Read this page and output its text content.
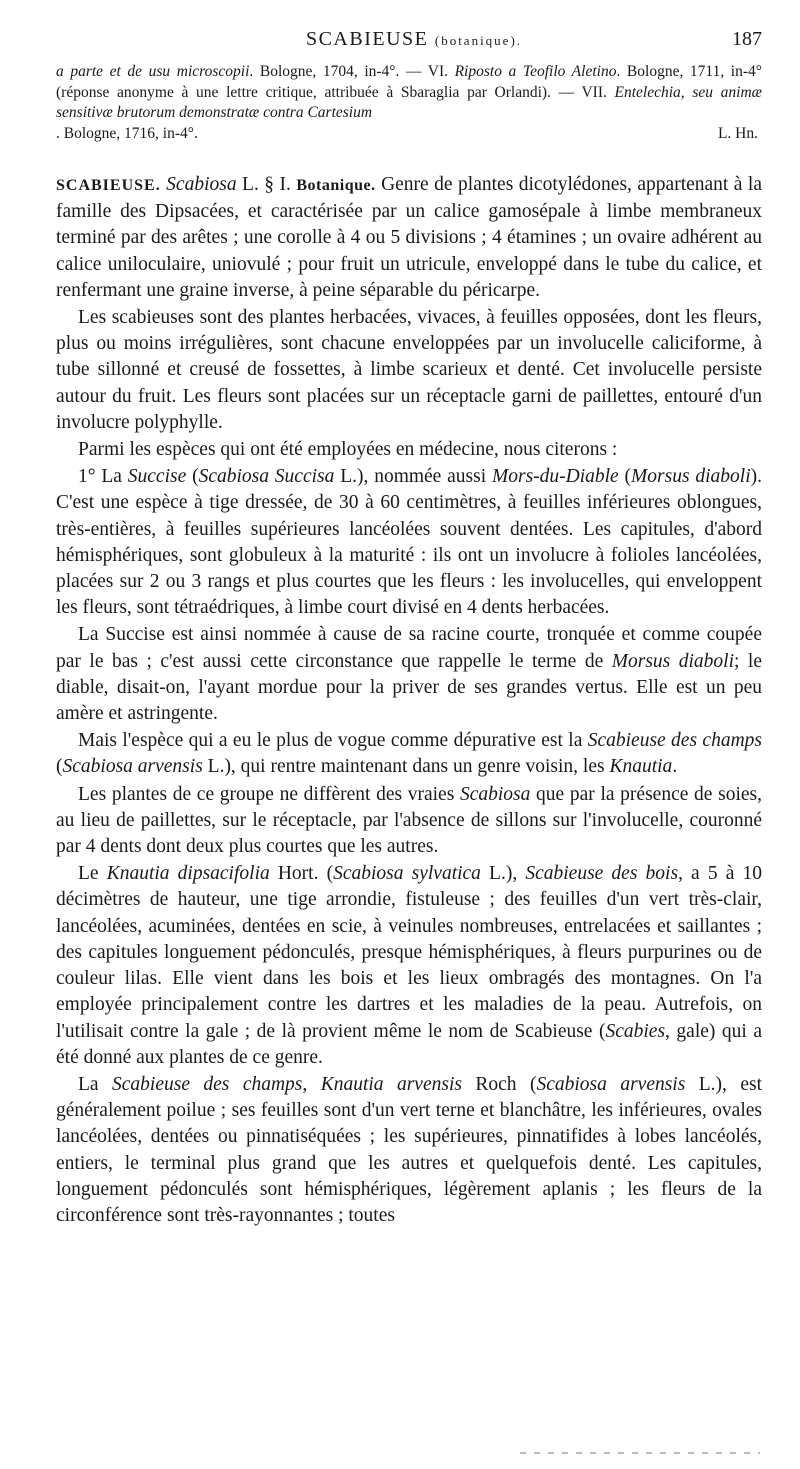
SCABIEUSE (botanique).	187
a parte et de usu microscopii. Bologne, 1704, in-4°. — VI. Riposto a Teofilo Aletino. Bologne, 1711, in-4° (réponse anonyme à une lettre critique, attribuée à Sbaraglia par Orlandi). — VII. Entelechia, seu animæ sensitivæ brutorum demonstratæ contra Cartesium
. Bologne, 1716, in-4°.	L. Hn.

SCABIEUSE. Scabiosa L. § I. Botanique. Genre de plantes dicotylédones, appartenant à la famille des Dipsacées, et caractérisée par un calice gamosépale à limbe membraneux terminé par des arêtes ; une corolle à 4 ou 5 divisions ; 4 étamines ; un ovaire adhérent au calice uniloculaire, uniovulé ; pour fruit un utricule, enveloppé dans le tube du calice, et renfermant une graine inverse, à peine séparable du péricarpe.

Les scabieuses sont des plantes herbacées, vivaces, à feuilles opposées, dont les fleurs, plus ou moins irrégulières, sont chacune enveloppées par un involucelle caliciforme, à tube sillonné et creusé de fossettes, à limbe scarieux et denté. Cet involucelle persiste autour du fruit. Les fleurs sont placées sur un réceptacle garni de paillettes, entouré d'un involucre polyphylle.

Parmi les espèces qui ont été employées en médecine, nous citerons :

1° La Succise (Scabiosa Succisa L.), nommée aussi Mors-du-Diable (Morsus diaboli). C'est une espèce à tige dressée, de 30 à 60 centimètres, à feuilles inférieures oblongues, très-entières, à feuilles supérieures lancéolées souvent dentées. Les capitules, d'abord hémisphériques, sont globuleux à la maturité : ils ont un involucre à folioles lancéolées, placées sur 2 ou 3 rangs et plus courtes que les fleurs : les involucelles, qui enveloppent les fleurs, sont tétraédriques, à limbe court divisé en 4 dents herbacées.

La Succise est ainsi nommée à cause de sa racine courte, tronquée et comme coupée par le bas ; c'est aussi cette circonstance que rappelle le terme de Morsus diaboli; le diable, disait-on, l'ayant mordue pour la priver de ses grandes vertus. Elle est un peu amère et astringente.

Mais l'espèce qui a eu le plus de vogue comme dépurative est la Scabieuse des champs (Scabiosa arvensis L.), qui rentre maintenant dans un genre voisin, les Knautia.

Les plantes de ce groupe ne diffèrent des vraies Scabiosa que par la présence de soies, au lieu de paillettes, sur le réceptacle, par l'absence de sillons sur l'involucelle, couronné par 4 dents dont deux plus courtes que les autres.

Le Knautia dipsacifolia Hort. (Scabiosa sylvatica L.), Scabieuse des bois, a 5 à 10 décimètres de hauteur, une tige arrondie, fistuleuse ; des feuilles d'un vert très-clair, lancéolées, acuminées, dentées en scie, à veinules nombreuses, entrelacées et saillantes ; des capitules longuement pédonculés, presque hémisphériques, à fleurs purpurines ou de couleur lilas. Elle vient dans les bois et les lieux ombragés des montagnes. On l'a employée principalement contre les dartres et les maladies de la peau. Autrefois, on l'utilisait contre la gale ; de là provient même le nom de Scabieuse (Scabies, gale) qui a été donné aux plantes de ce genre.

La Scabieuse des champs, Knautia arvensis Roch (Scabiosa arvensis L.), est généralement poilue ; ses feuilles sont d'un vert terne et blanchâtre, les inférieures, ovales lancéolées, dentées ou pinnatiséquées ; les supérieures, pinnatifides à lobes lancéolés, entiers, le terminal plus grand que les autres et quelquefois denté. Les capitules, longuement pédonculés sont hémisphériques, légèrement aplanis ; les fleurs de la circonférence sont très-rayonnantes ; toutes
